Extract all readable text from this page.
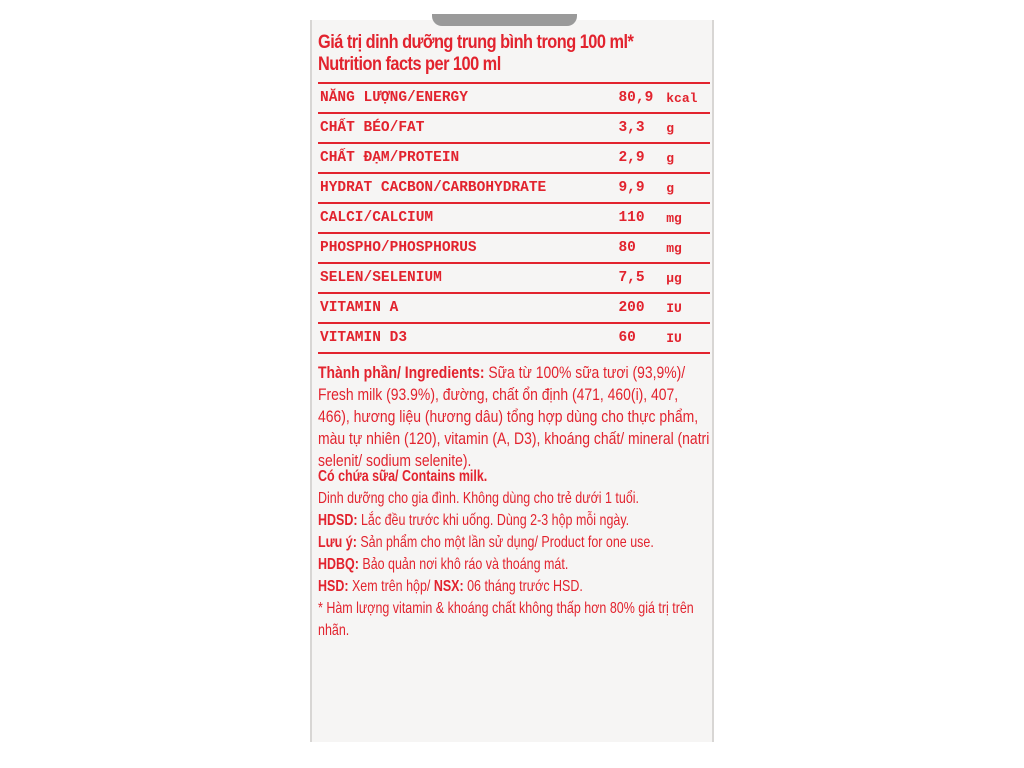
Giá trị dinh dưỡng trung bình trong 100 ml*
Nutrition facts per 100 ml
NĂNG LƯỢNG/ENERGY	80,9 kcal
CHẤT BÉO/FAT	3,3	g
CHẤT ĐẠM/PROTEIN	2,9	g
HYDRAT CACBON/CARBOHYDRATE	9,9	g
CALCI/CALCIUM	110	mg
PHOSPHO/PHOSPHORUS	80	mg
SELEN/SELENIUM	7,5	µg
VITAMIN A	200	IU
VITAMIN D3	60	IU
Thành phần/ Ingredients: Sữa từ 100% sữa tươi (93,9%)/ Fresh milk (93.9%), đường, chất ổn định (471, 460(i), 407, 466), hương liệu (hương dâu) tổng hợp dùng cho thực phẩm, màu tự nhiên (120), vitamin (A, D3), khoáng chất/ mineral (natri selenit/ sodium selenite).
Có chứa sữa/ Contains milk.
Dinh dưỡng cho gia đình. Không dùng cho trẻ dưới 1 tuổi.
HDSD: Lắc đều trước khi uống. Dùng 2-3 hộp mỗi ngày.
Lưu ý: Sản phẩm cho một lần sử dụng/ Product for one use.
HDBQ: Bảo quản nơi khô ráo và thoáng mát.
HSD: Xem trên hộp/ NSX: 06 tháng trước HSD.
* Hàm lượng vitamin & khoáng chất không thấp hơn 80% giá trị trên nhãn.
